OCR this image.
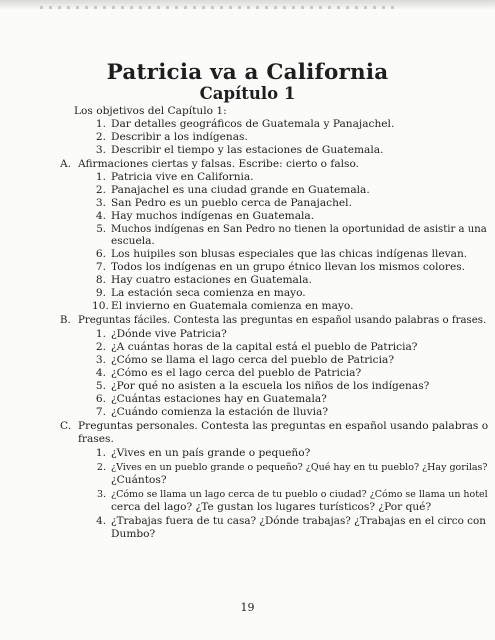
Patricia va a California
Capítulo 1
Los objetivos del Capítulo 1:
1. Dar detalles geográficos de Guatemala y Panajachel.
2. Describir a los indígenas.
3. Describir el tiempo y las estaciones de Guatemala.
A. Afirmaciones ciertas y falsas. Escribe: cierto o falso.
1. Patricia vive en California.
2. Panajachel es una ciudad grande en Guatemala.
3. San Pedro es un pueblo cerca de Panajachel.
4. Hay muchos indígenas en Guatemala.
5. Muchos indígenas en San Pedro no tienen la oportunidad de asistir a una
escuela.
6. Los huipiles son blusas especiales que las chicas indígenas llevan.
7. Todos los indígenas en un grupo étnico llevan los mismos colores.
8. Hay cuatro estaciones en Guatemala.
9. La estación seca comienza en mayo.
10. El invierno en Guatemala comienza en mayo.
B. Preguntas fáciles. Contesta las preguntas en español usando palabras o frases.
1. ¿Dónde vive Patricia?
2. ¿A cuántas horas de la capital está el pueblo de Patricia?
3. ¿Cómo se llama el lago cerca del pueblo de Patricia?
4. ¿Cómo es el lago cerca del pueblo de Patricia?
5. ¿Por qué no asisten a la escuela los niños de los indígenas?
6. ¿Cuántas estaciones hay en Guatemala?
7. ¿Cuándo comienza la estación de lluvia?
C. Preguntas personales. Contesta las preguntas en español usando palabras o
frases.
1. ¿Vives en un país grande o pequeño?
2. ¿Vives en un pueblo grande o pequeño? ¿Qué hay en tu pueblo? ¿Hay gorilas?
¿Cuántos?
3. ¿Cómo se llama un lago cerca de tu pueblo o ciudad? ¿Cómo se llama un hotel
cerca del lago? ¿Te gustan los lugares turísticos? ¿Por qué?
4. ¿Trabajas fuera de tu casa? ¿Dónde trabajas? ¿Trabajas en el circo con
Dumbo?
19
